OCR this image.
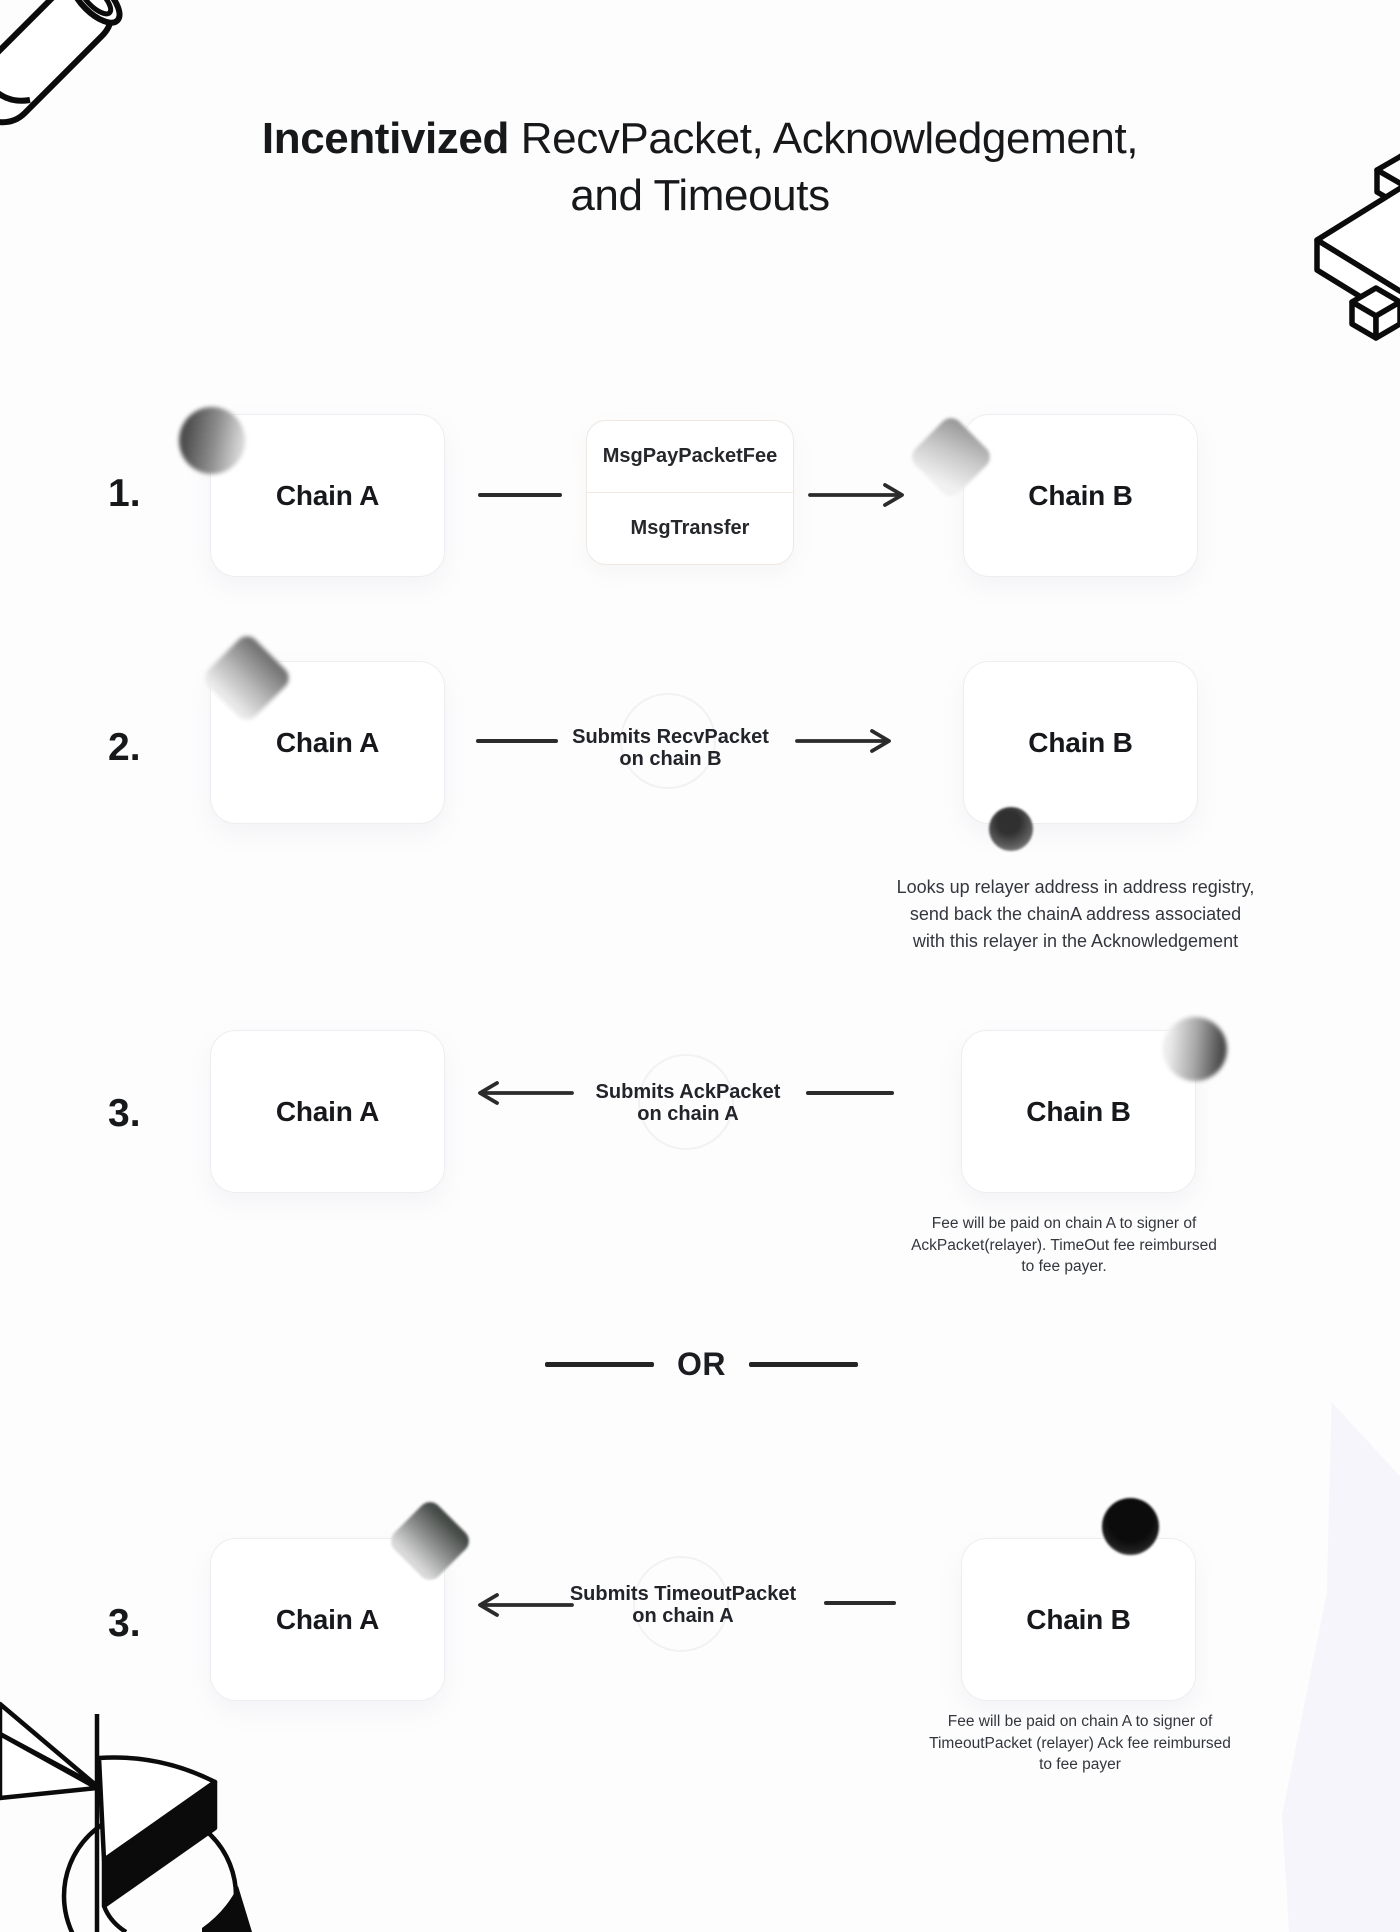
Incentivized RecvPacket, Acknowledgement,
and Timeouts
1.	Chain A
MsgPayPacketFee
MsgTransfer
Chain B
2.	Chain A	Submits RecvPacket
on chain B
Chain B
Looks up relayer address in address registry,
send back the chainA address associated
with this relayer in the Acknowledgement
3.	Chain A
Submits AckPacket
on chain A	Chain B
Fee will be paid on chain A to signer of
AckPacket(relayer). TimeOut fee reimbursed
to fee payer.
OR
3.	Chain A
Submits TimeoutPacket
on chain A	Chain B
Fee will be paid on chain A to signer of
TimeoutPacket (relayer) Ack fee reimbursed
to fee payer
